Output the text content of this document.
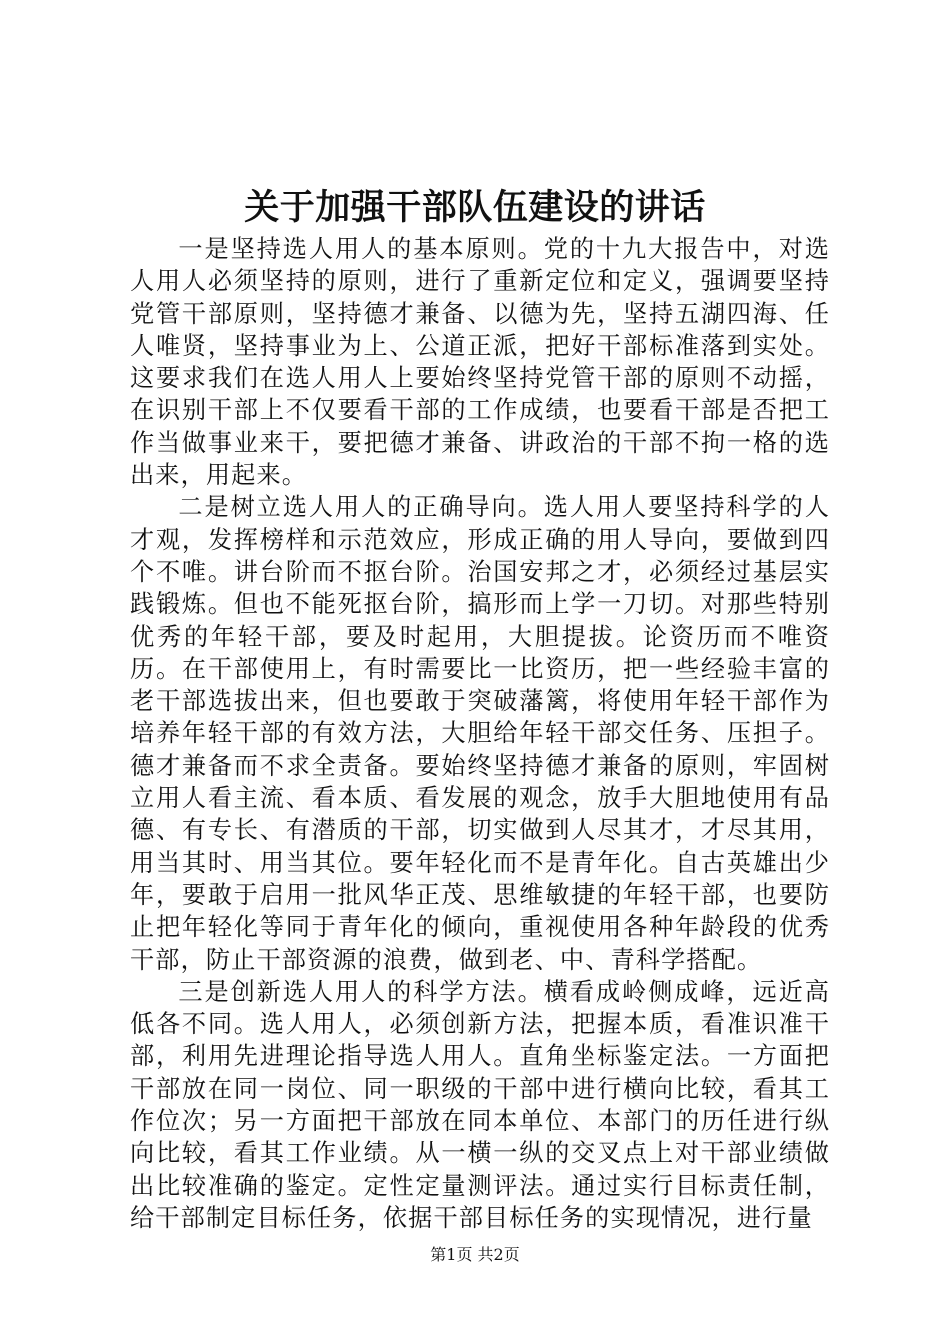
关于加强干部队伍建设的讲话

一是坚持选人用人的基本原则。党的十九大报告中，对选人用人必须坚持的原则，进行了重新定位和定义，强调要坚持党管干部原则，坚持德才兼备、以德为先，坚持五湖四海、任人唯贤，坚持事业为上、公道正派，把好干部标准落到实处。这要求我们在选人用人上要始终坚持党管干部的原则不动摇，在识别干部上不仅要看干部的工作成绩，也要看干部是否把工作当做事业来干，要把德才兼备、讲政治的干部不拘一格的选出来，用起来。

二是树立选人用人的正确导向。选人用人要坚持科学的人才观，发挥榜样和示范效应，形成正确的用人导向，要做到四个不唯。讲台阶而不抠台阶。治国安邦之才，必须经过基层实践锻炼。但也不能死抠台阶，搞形而上学一刀切。对那些特别优秀的年轻干部，要及时起用，大胆提拔。论资历而不唯资历。在干部使用上，有时需要比一比资历，把一些经验丰富的老干部选拔出来，但也要敢于突破藩篱，将使用年轻干部作为培养年轻干部的有效方法，大胆给年轻干部交任务、压担子。德才兼备而不求全责备。要始终坚持德才兼备的原则，牢固树立用人看主流、看本质、看发展的观念，放手大胆地使用有品德、有专长、有潜质的干部，切实做到人尽其才，才尽其用，用当其时、用当其位。要年轻化而不是青年化。自古英雄出少年，要敢于启用一批风华正茂、思维敏捷的年轻干部，也要防止把年轻化等同于青年化的倾向，重视使用各种年龄段的优秀干部，防止干部资源的浪费，做到老、中、青科学搭配。

三是创新选人用人的科学方法。横看成岭侧成峰，远近高低各不同。选人用人，必须创新方法，把握本质，看准识准干部，利用先进理论指导选人用人。直角坐标鉴定法。一方面把干部放在同一岗位、同一职级的干部中进行横向比较，看其工作位次；另一方面把干部放在同本单位、本部门的历任进行纵向比较，看其工作业绩。从一横一纵的交叉点上对干部业绩做出比较准确的鉴定。定性定量测评法。通过实行目标责任制，给干部制定目标任务，依据干部目标任务的实现情况，进行量

第1页 共2页
